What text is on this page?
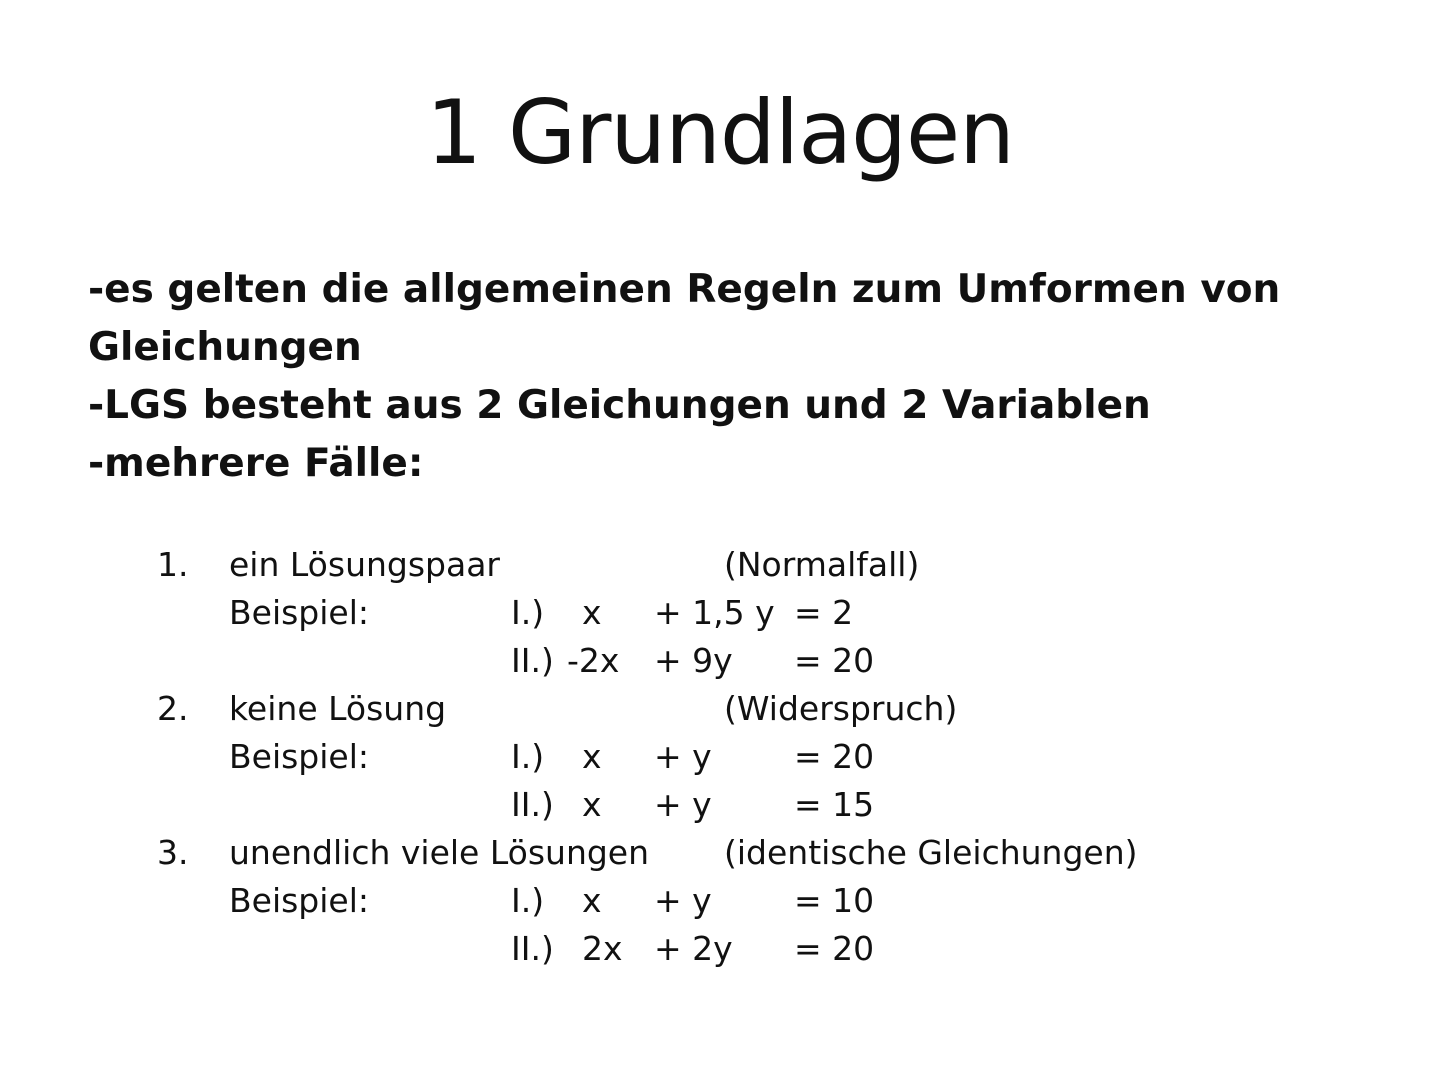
1 Grundlagen
-es gelten die allgemeinen Regeln zum Umformen von
Gleichungen
-LGS besteht aus 2 Gleichungen und 2 Variablen
-mehrere Fälle:
1. ein Lösungspaar	(Normalfall)
Beispiel:	I.) x + 1,5 y = 2
II.) -2x + 9y = 20
2. keine Lösung	(Widerspruch)
Beispiel:	I.) x + y = 20
II.) x + y = 15
3. unendlich viele Lösungen (identische Gleichungen)
Beispiel:	I.) x + y = 10
II.) 2x + 2y = 20
